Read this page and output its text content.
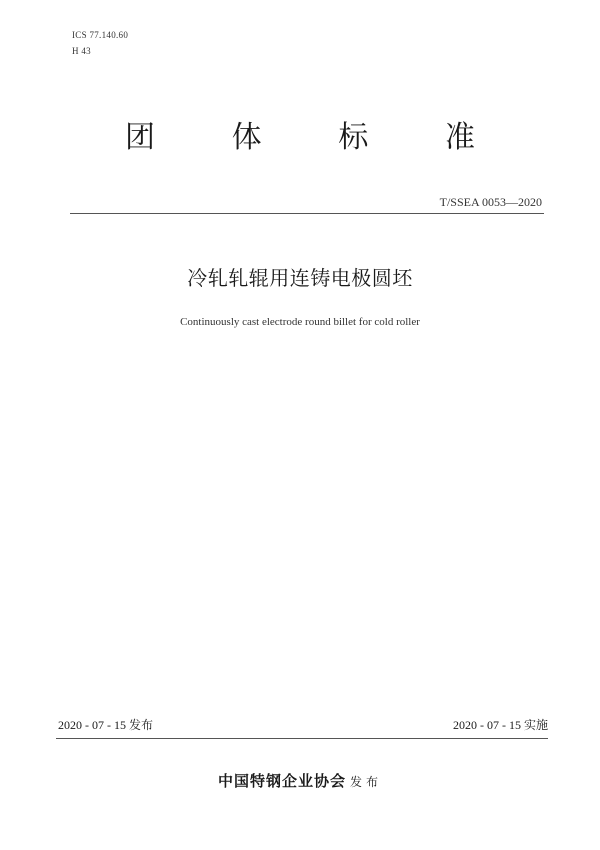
ICS 77.140.60
H 43
团	体	标	准
T/SSEA 0053—2020
冷轧轧辊用连铸电极圆坯
Continuously cast electrode round billet for cold roller
2020 - 07 - 15 发布	2020 - 07 - 15 实施
中国特钢企业协会 发布
